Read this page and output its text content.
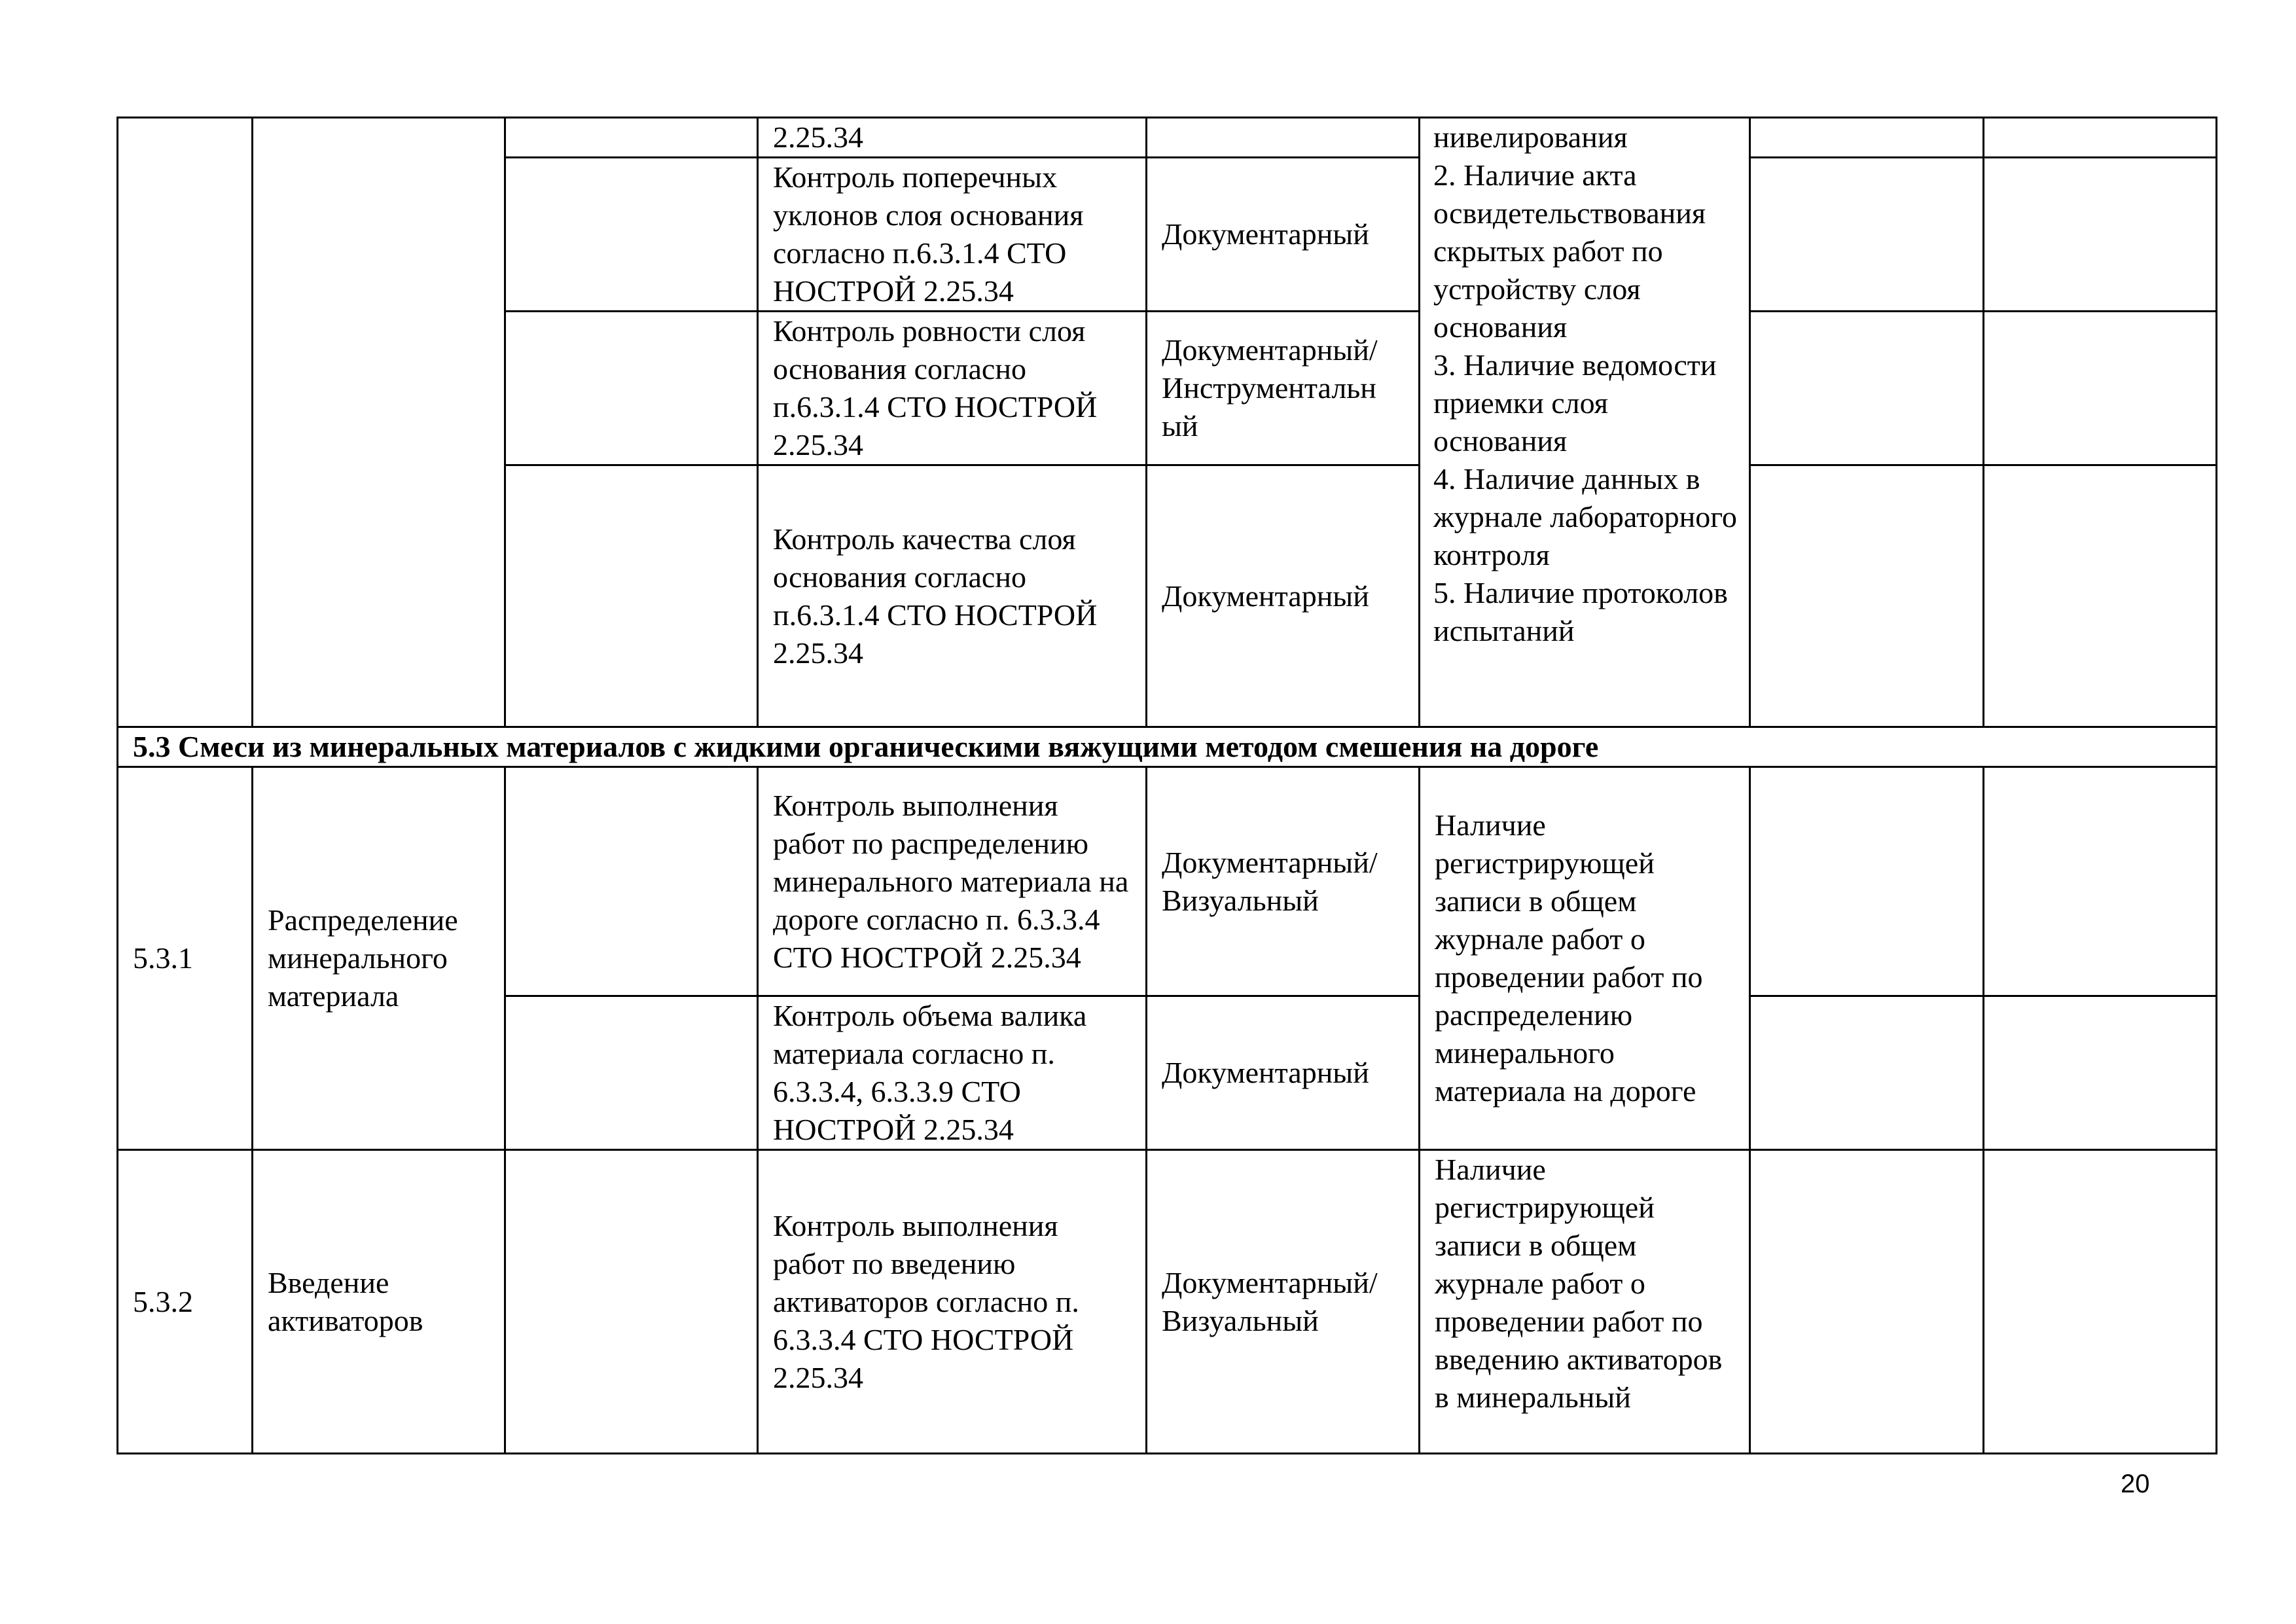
			2.25.34		нивелирования
2. Наличие акта освидетельствования скрытых работ по устройству слоя основания
3. Наличие ведомости приемки слоя основания
4. Наличие данных в журнале лабораторного контроля
5. Наличие протоколов испытаний		
			Контроль поперечных уклонов слоя основания согласно п.6.3.1.4 СТО НОСТРОЙ 2.25.34	Документарный			
			Контроль ровности слоя основания согласно п.6.3.1.4 СТО НОСТРОЙ 2.25.34	Документарный/ Инструментальн ый			
			Контроль качества слоя основания согласно п.6.3.1.4 СТО НОСТРОЙ 2.25.34	Документарный			
5.3 Смеси из минеральных материалов с жидкими органическими вяжущими методом смешения на дороге							
5.3.1	Распределение минерального материала		Контроль выполнения работ по распределению минерального материала на дороге согласно п. 6.3.3.4 СТО НОСТРОЙ 2.25.34	Документарный/ Визуальный	Наличие регистрирующей записи в общем журнале работ о проведении работ по распределению минерального материала на дороге		
			Контроль объема валика материала согласно п. 6.3.3.4, 6.3.3.9 СТО НОСТРОЙ 2.25.34	Документарный			
5.3.2	Введение активаторов		Контроль выполнения работ по введению активаторов согласно п. 6.3.3.4 СТО НОСТРОЙ 2.25.34	Документарный/ Визуальный	Наличие регистрирующей записи в общем журнале работ о проведении работ по введению активаторов в минеральный		
20
